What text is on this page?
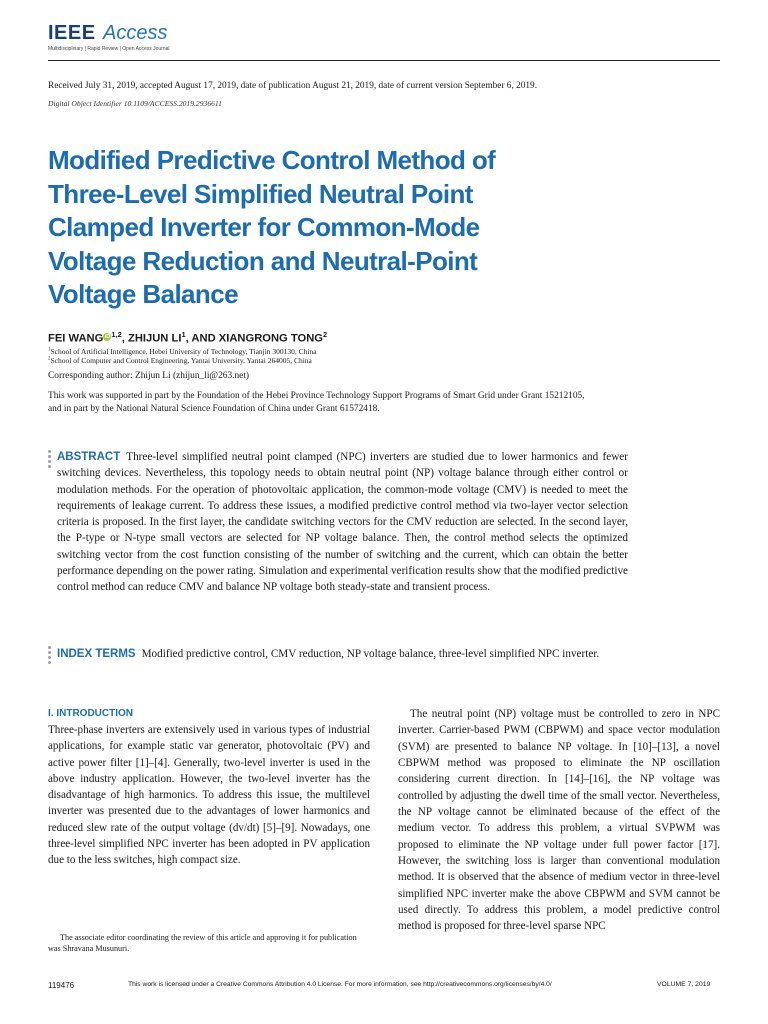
IEEE Access
Multidisciplinary | Rapid Review | Open Access Journal
Received July 31, 2019, accepted August 17, 2019, date of publication August 21, 2019, date of current version September 6, 2019.
Digital Object Identifier 10.1109/ACCESS.2019.2936611
Modified Predictive Control Method of Three-Level Simplified Neutral Point Clamped Inverter for Common-Mode Voltage Reduction and Neutral-Point Voltage Balance
FEI WANGiD$^{1,2}$, ZHIJUN $LI^1$, AND XIANGRONG TONG$^2$
$^1$School of Artificial Intelligence, Hebei University of Technology, Tianjin 300130, China
$^2$School of Computer and Control Engineering, Yantai University, Yantai 264005, China
Corresponding author: Zhijun Li (zhijun_li@263.net)
This work was supported in part by the Foundation of the Hebei Province Technology Support Programs of Smart Grid under Grant 15212105, and in part by the National Natural Science Foundation of China under Grant 61572418.

ABSTRACT Three-level simplified neutral point clamped (NPC) inverters are studied due to lower harmonics and fewer switching devices. Nevertheless, this topology needs to obtain neutral point (NP) voltage balance through either control or modulation methods. For the operation of photovoltaic application, the common-mode voltage (CMV) is needed to meet the requirements of leakage current. To address these issues, a modified predictive control method via two-layer vector selection criteria is proposed. In the first layer, the candidate switching vectors for the CMV reduction are selected. In the second layer, the P-type or N-type small vectors are selected for NP voltage balance. Then, the control method selects the optimized switching vector from the cost function consisting of the number of switching and the current, which can obtain the better performance depending on the power rating. Simulation and experimental verification results show that the modified predictive control method can reduce CMV and balance NP voltage both steady-state and transient process.

INDEX TERMS Modified predictive control, CMV reduction, NP voltage balance, three-level simplified NPC inverter.

I. INTRODUCTION

Three-phase inverters are extensively used in various types of industrial applications, for example static var generator, photovoltaic (PV) and active power filter [1]–[4]. Generally, two-level inverter is used in the above industry application. However, the two-level inverter has the disadvantage of high harmonics. To address this issue, the multilevel inverter was presented due to the advantages of lower harmonics and reduced slew rate of the output voltage (dv/dt) [5]–[9]. Nowadays, one three-level simplified NPC inverter has been adopted in PV application due to the less switches, high compact size.

The associate editor coordinating the review of this article and approving it for publication was Shravana Musunuri.

The neutral point (NP) voltage must be controlled to zero in NPC inverter. Carrier-based PWM (CBPWM) and space vector modulation (SVM) are presented to balance NP voltage. In [10]–[13], a novel CBPWM method was proposed to eliminate the NP oscillation considering current direction. In [14]–[16], the NP voltage was controlled by adjusting the dwell time of the small vector. Nevertheless, the NP voltage cannot be eliminated because of the effect of the medium vector. To address this problem, a virtual SVPWM was proposed to eliminate the NP voltage under full power factor [17]. However, the switching loss is larger than conventional modulation method. It is observed that the absence of medium vector in three-level simplified NPC inverter make the above CBPWM and SVM cannot be used directly. To address this problem, a model predictive control method is proposed for three-level sparse NPC

119476	This work is licensed under a Creative Commons Attribution 4.0 License. For more information, see http://creativecommons.org/licenses/by/4.0/	VOLUME 7, 2019
